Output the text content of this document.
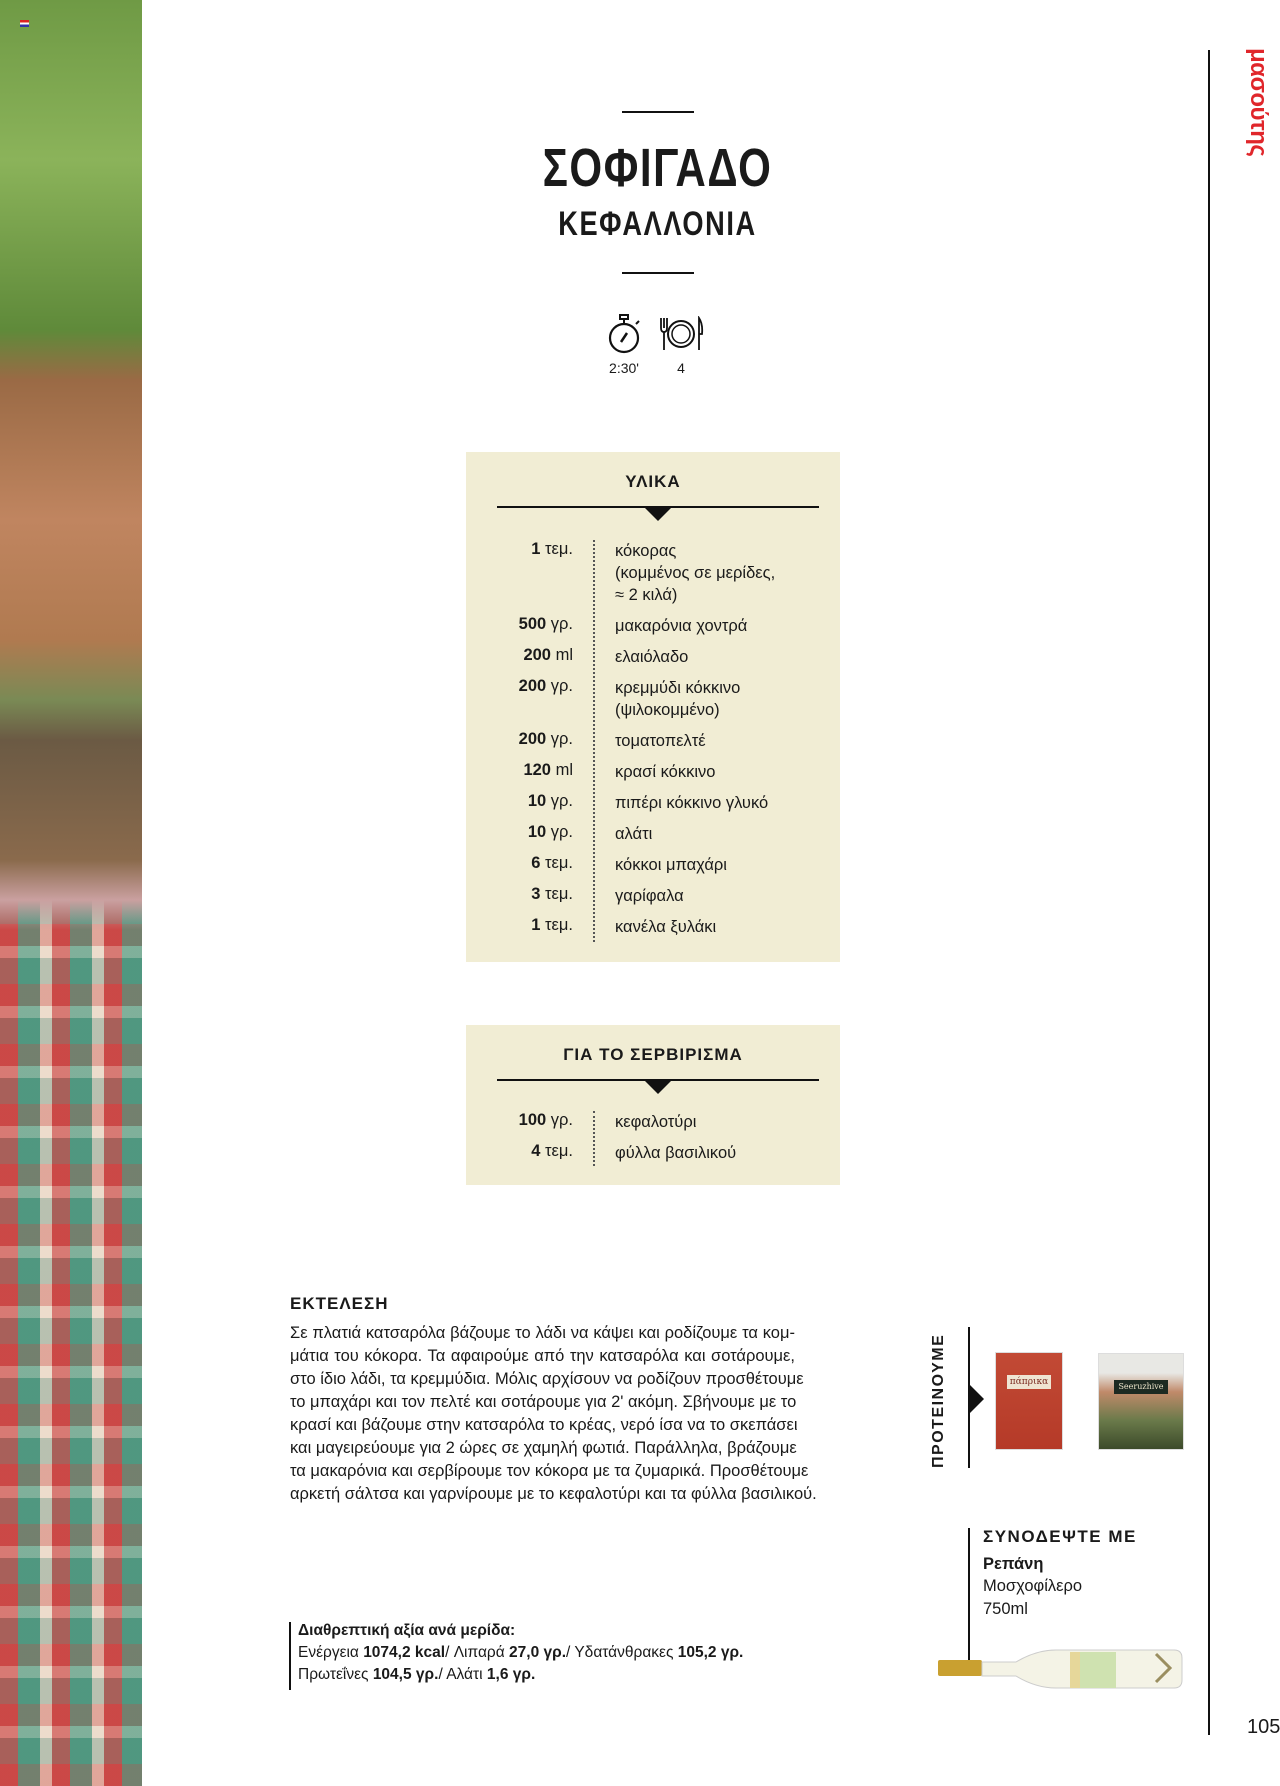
ΣΟΦΙΓΑΔΟ
ΚΕΦΑΛΛΟΝΙΑ
2:30'	4
ΥΛΙΚΑ
1 τεμ.	κόκορας
(κομμένος σε μερίδες,
≈ 2 κιλά)
500 γρ.	μακαρόνια χοντρά
200 ml	ελαιόλαδο
200 γρ.	κρεμμύδι κόκκινο
(ψιλοκομμένο)
200 γρ.	τοματοπελτέ
120 ml	κρασί κόκκινο
10 γρ.	πιπέρι κόκκινο γλυκό
10 γρ.	αλάτι
6 τεμ.	κόκκοι μπαχάρι
3 τεμ.	γαρίφαλα
1 τεμ.	κανέλα ξυλάκι
ΓΙΑ ΤΟ ΣΕΡΒΙΡΙΣΜΑ
100 γρ.	κεφαλοτύρι
4 τεμ.	φύλλα βασιλικού
ΕΚΤΕΛΕΣΗ
Σε πλατιά κατσαρόλα βάζουμε το λάδι να κάψει και ροδίζουμε τα κομ-
μάτια του κόκορα. Τα αφαιρούμε από την κατσαρόλα και σοτάρουμε,
στο ίδιο λάδι, τα κρεμμύδια. Μόλις αρχίσουν να ροδίζουν προσθέτουμε
το μπαχάρι και τον πελτέ και σοτάρουμε για 2' ακόμη. Σβήνουμε με το
κρασί και βάζουμε στην κατσαρόλα το κρέας, νερό ίσα να το σκεπάσει
και μαγειρεύουμε για 2 ώρες σε χαμηλή φωτιά. Παράλληλα, βράζουμε
τα μακαρόνια και σερβίρουμε τον κόκορα με τα ζυμαρικά. Προσθέτουμε
αρκετή σάλτσα και γαρνίρουμε με το κεφαλοτύρι και τα φύλλα βασιλικού.
Διαθρεπτική αξία ανά μερίδα:
Ενέργεια 1074,2 kcal/ Λιπαρά 27,0 γρ./ Υδατάνθρακες 105,2 γρ.
Πρωτεΐνες 104,5 γρ./ Αλάτι 1,6 γρ.
ΠΡΟΤΕΙΝΟΥΜΕ	πάπρικα	Seeruzhive
ΣΥΝΟΔΕΨΤΕ ΜΕ
Ρεπάνη
Μοσχοφίλερο
750ml
μασούτης
105
